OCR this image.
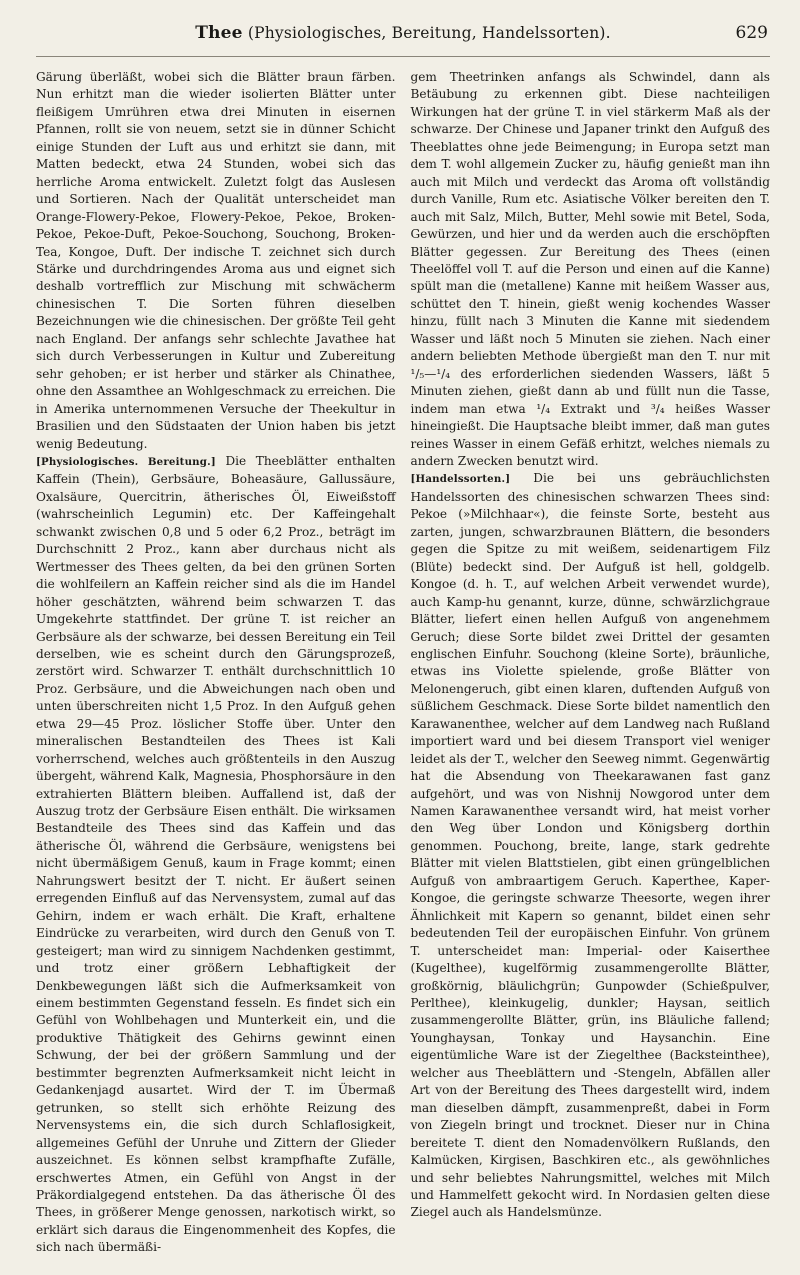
Thee (Physiologisches, Bereitung, Handelssorten).	629

Gärung überläßt, wobei sich die Blätter braun färben. Nun erhitzt man die wieder isolierten Blätter unter fleißigem Umrühren etwa drei Minuten in eisernen Pfannen, rollt sie von neuem, setzt sie in dünner Schicht einige Stunden der Luft aus und erhitzt sie dann, mit Matten bedeckt, etwa 24 Stunden, wobei sich das herrliche Aroma entwickelt. Zuletzt folgt das Auslesen und Sortieren. Nach der Qualität unterscheidet man Orange-Flowery-Pekoe, Flowery-Pekoe, Pekoe, Broken-Pekoe, Pekoe-Duft, Pekoe-Souchong, Souchong, Broken-Tea, Kongoe, Duft. Der indische T. zeichnet sich durch Stärke und durchdringendes Aroma aus und eignet sich deshalb vortrefflich zur Mischung mit schwächerm chinesischen T. Die Sorten führen dieselben Bezeichnungen wie die chinesischen. Der größte Teil geht nach England. Der anfangs sehr schlechte Javathee hat sich durch Verbesserungen in Kultur und Zubereitung sehr gehoben; er ist herber und stärker als Chinathee, ohne den Assamthee an Wohlgeschmack zu erreichen. Die in Amerika unternommenen Versuche der Theekultur in Brasilien und den Südstaaten der Union haben bis jetzt wenig Bedeutung.

[Physiologisches. Bereitung.] Die Theeblätter enthalten Kaffein (Thein), Gerbsäure, Boheasäure, Gallussäure, Oxalsäure, Quercitrin, ätherisches Öl, Eiweißstoff (wahrscheinlich Legumin) etc. Der Kaffeingehalt schwankt zwischen 0,8 und 5 oder 6,2 Proz., beträgt im Durchschnitt 2 Proz., kann aber durchaus nicht als Wertmesser des Thees gelten, da bei den grünen Sorten die wohlfeilern an Kaffein reicher sind als die im Handel höher geschätzten, während beim schwarzen T. das Umgekehrte stattfindet. Der grüne T. ist reicher an Gerbsäure als der schwarze, bei dessen Bereitung ein Teil derselben, wie es scheint durch den Gärungsprozeß, zerstört wird. Schwarzer T. enthält durchschnittlich 10 Proz. Gerbsäure, und die Abweichungen nach oben und unten überschreiten nicht 1,5 Proz. In den Aufguß gehen etwa 29—45 Proz. löslicher Stoffe über. Unter den mineralischen Bestandteilen des Thees ist Kali vorherrschend, welches auch größtenteils in den Auszug übergeht, während Kalk, Magnesia, Phosphorsäure in den extrahierten Blättern bleiben. Auffallend ist, daß der Auszug trotz der Gerbsäure Eisen enthält. Die wirksamen Bestandteile des Thees sind das Kaffein und das ätherische Öl, während die Gerbsäure, wenigstens bei nicht übermäßigem Genuß, kaum in Frage kommt; einen Nahrungswert besitzt der T. nicht. Er äußert seinen erregenden Einfluß auf das Nervensystem, zumal auf das Gehirn, indem er wach erhält. Die Kraft, erhaltene Eindrücke zu verarbeiten, wird durch den Genuß von T. gesteigert; man wird zu sinnigem Nachdenken gestimmt, und trotz einer größern Lebhaftigkeit der Denkbewegungen läßt sich die Aufmerksamkeit von einem bestimmten Gegenstand fesseln. Es findet sich ein Gefühl von Wohlbehagen und Munterkeit ein, und die produktive Thätigkeit des Gehirns gewinnt einen Schwung, der bei der größern Sammlung und der bestimmter begrenzten Aufmerksamkeit nicht leicht in Gedankenjagd ausartet. Wird der T. im Übermaß getrunken, so stellt sich erhöhte Reizung des Nervensystems ein, die sich durch Schlaflosigkeit, allgemeines Gefühl der Unruhe und Zittern der Glieder auszeichnet. Es können selbst krampfhafte Zufälle, erschwertes Atmen, ein Gefühl von Angst in der Präkordialgegend entstehen. Da das ätherische Öl des Thees, in größerer Menge genossen, narkotisch wirkt, so erklärt sich daraus die Eingenommenheit des Kopfes, die sich nach übermäßi-

gem Theetrinken anfangs als Schwindel, dann als Betäubung zu erkennen gibt. Diese nachteiligen Wirkungen hat der grüne T. in viel stärkerm Maß als der schwarze. Der Chinese und Japaner trinkt den Aufguß des Theeblattes ohne jede Beimengung; in Europa setzt man dem T. wohl allgemein Zucker zu, häufig genießt man ihn auch mit Milch und verdeckt das Aroma oft vollständig durch Vanille, Rum etc. Asiatische Völker bereiten den T. auch mit Salz, Milch, Butter, Mehl sowie mit Betel, Soda, Gewürzen, und hier und da werden auch die erschöpften Blätter gegessen. Zur Bereitung des Thees (einen Theelöffel voll T. auf die Person und einen auf die Kanne) spült man die (metallene) Kanne mit heißem Wasser aus, schüttet den T. hinein, gießt wenig kochendes Wasser hinzu, füllt nach 3 Minuten die Kanne mit siedendem Wasser und läßt noch 5 Minuten sie ziehen. Nach einer andern beliebten Methode übergießt man den T. nur mit ¹/₅—¹/₄ des erforderlichen siedenden Wassers, läßt 5 Minuten ziehen, gießt dann ab und füllt nun die Tasse, indem man etwa ¹/₄ Extrakt und ³/₄ heißes Wasser hineingießt. Die Hauptsache bleibt immer, daß man gutes reines Wasser in einem Gefäß erhitzt, welches niemals zu andern Zwecken benutzt wird.

[Handelssorten.] Die bei uns gebräuchlichsten Handelssorten des chinesischen schwarzen Thees sind: Pekoe (»Milchhaar«), die feinste Sorte, besteht aus zarten, jungen, schwarzbraunen Blättern, die besonders gegen die Spitze zu mit weißem, seidenartigem Filz (Blüte) bedeckt sind. Der Aufguß ist hell, goldgelb. Kongoe (d. h. T., auf welchen Arbeit verwendet wurde), auch Kamp-hu genannt, kurze, dünne, schwärzlichgraue Blätter, liefert einen hellen Aufguß von angenehmem Geruch; diese Sorte bildet zwei Drittel der gesamten englischen Einfuhr. Souchong (kleine Sorte), bräunliche, etwas ins Violette spielende, große Blätter von Melonengeruch, gibt einen klaren, duftenden Aufguß von süßlichem Geschmack. Diese Sorte bildet namentlich den Karawanenthee, welcher auf dem Landweg nach Rußland importiert ward und bei diesem Transport viel weniger leidet als der T., welcher den Seeweg nimmt. Gegenwärtig hat die Absendung von Theekarawanen fast ganz aufgehört, und was von Nishnij Nowgorod unter dem Namen Karawanenthee versandt wird, hat meist vorher den Weg über London und Königsberg dorthin genommen. Pouchong, breite, lange, stark gedrehte Blätter mit vielen Blattstielen, gibt einen grüngelblichen Aufguß von ambraartigem Geruch. Kaperthee, Kaper-Kongoe, die geringste schwarze Theesorte, wegen ihrer Ähnlichkeit mit Kapern so genannt, bildet einen sehr bedeutenden Teil der europäischen Einfuhr. Von grünem T. unterscheidet man: Imperial- oder Kaiserthee (Kugelthee), kugelförmig zusammengerollte Blätter, großkörnig, bläulichgrün; Gunpowder (Schießpulver, Perlthee), kleinkugelig, dunkler; Haysan, seitlich zusammengerollte Blätter, grün, ins Bläuliche fallend; Younghaysan, Tonkay und Haysanchin. Eine eigentümliche Ware ist der Ziegelthee (Backsteinthee), welcher aus Theeblättern und -Stengeln, Abfällen aller Art von der Bereitung des Thees dargestellt wird, indem man dieselben dämpft, zusammenpreßt, dabei in Form von Ziegeln bringt und trocknet. Dieser nur in China bereitete T. dient den Nomadenvölkern Rußlands, den Kalmücken, Kirgisen, Baschkiren etc., als gewöhnliches und sehr beliebtes Nahrungsmittel, welches mit Milch und Hammelfett gekocht wird. In Nordasien gelten diese Ziegel auch als Handelsmünze.
